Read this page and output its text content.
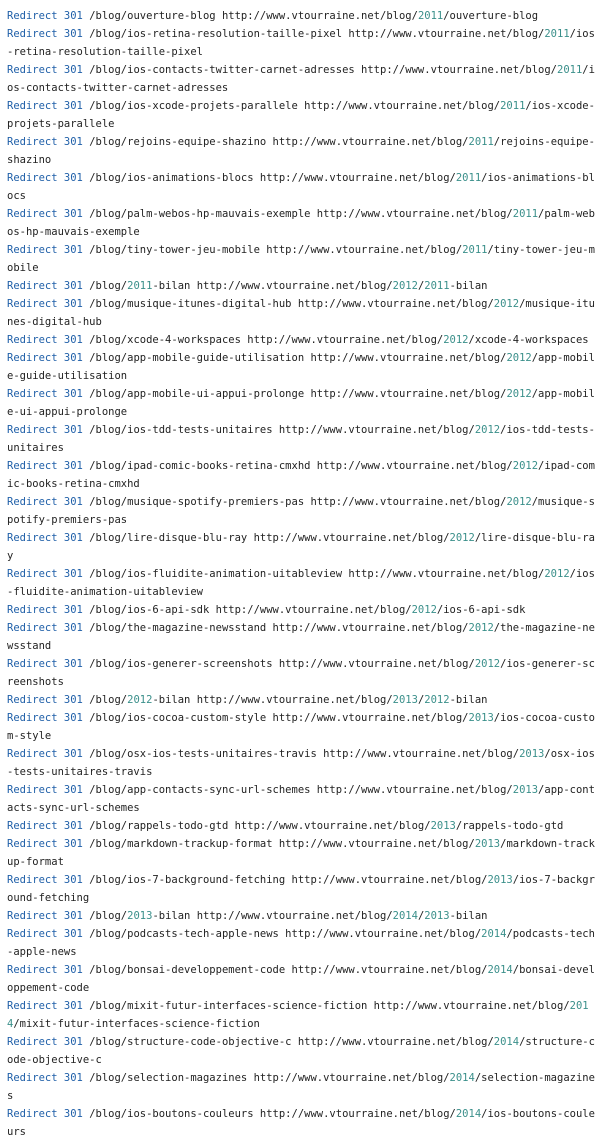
Redirect 301 /blog/ouverture-blog http://www.vtourraine.net/blog/2011/ouverture-blog
Redirect 301 /blog/ios-retina-resolution-taille-pixel http://www.vtourraine.net/blog/2011/ios-retina-resolution-taille-pixel
Redirect 301 /blog/ios-contacts-twitter-carnet-adresses http://www.vtourraine.net/blog/2011/ios-contacts-twitter-carnet-adresses
Redirect 301 /blog/ios-xcode-projets-parallele http://www.vtourraine.net/blog/2011/ios-xcode-projets-parallele
Redirect 301 /blog/rejoins-equipe-shazino http://www.vtourraine.net/blog/2011/rejoins-equipe-shazino
Redirect 301 /blog/ios-animations-blocs http://www.vtourraine.net/blog/2011/ios-animations-blocs
Redirect 301 /blog/palm-webos-hp-mauvais-exemple http://www.vtourraine.net/blog/2011/palm-webos-hp-mauvais-exemple
Redirect 301 /blog/tiny-tower-jeu-mobile http://www.vtourraine.net/blog/2011/tiny-tower-jeu-mobile
Redirect 301 /blog/2011-bilan http://www.vtourraine.net/blog/2012/2011-bilan
Redirect 301 /blog/musique-itunes-digital-hub http://www.vtourraine.net/blog/2012/musique-itunes-digital-hub
Redirect 301 /blog/xcode-4-workspaces http://www.vtourraine.net/blog/2012/xcode-4-workspaces
Redirect 301 /blog/app-mobile-guide-utilisation http://www.vtourraine.net/blog/2012/app-mobile-guide-utilisation
Redirect 301 /blog/app-mobile-ui-appui-prolonge http://www.vtourraine.net/blog/2012/app-mobile-ui-appui-prolonge
Redirect 301 /blog/ios-tdd-tests-unitaires http://www.vtourraine.net/blog/2012/ios-tdd-tests-unitaires
Redirect 301 /blog/ipad-comic-books-retina-cmxhd http://www.vtourraine.net/blog/2012/ipad-comic-books-retina-cmxhd
Redirect 301 /blog/musique-spotify-premiers-pas http://www.vtourraine.net/blog/2012/musique-spotify-premiers-pas
Redirect 301 /blog/lire-disque-blu-ray http://www.vtourraine.net/blog/2012/lire-disque-blu-ray
Redirect 301 /blog/ios-fluidite-animation-uitableview http://www.vtourraine.net/blog/2012/ios-fluidite-animation-uitableview
Redirect 301 /blog/ios-6-api-sdk http://www.vtourraine.net/blog/2012/ios-6-api-sdk
Redirect 301 /blog/the-magazine-newsstand http://www.vtourraine.net/blog/2012/the-magazine-newsstand
Redirect 301 /blog/ios-generer-screenshots http://www.vtourraine.net/blog/2012/ios-generer-screenshots
Redirect 301 /blog/2012-bilan http://www.vtourraine.net/blog/2013/2012-bilan
Redirect 301 /blog/ios-cocoa-custom-style http://www.vtourraine.net/blog/2013/ios-cocoa-custom-style
Redirect 301 /blog/osx-ios-tests-unitaires-travis http://www.vtourraine.net/blog/2013/osx-ios-tests-unitaires-travis
Redirect 301 /blog/app-contacts-sync-url-schemes http://www.vtourraine.net/blog/2013/app-contacts-sync-url-schemes
Redirect 301 /blog/rappels-todo-gtd http://www.vtourraine.net/blog/2013/rappels-todo-gtd
Redirect 301 /blog/markdown-trackup-format http://www.vtourraine.net/blog/2013/markdown-trackup-format
Redirect 301 /blog/ios-7-background-fetching http://www.vtourraine.net/blog/2013/ios-7-background-fetching
Redirect 301 /blog/2013-bilan http://www.vtourraine.net/blog/2014/2013-bilan
Redirect 301 /blog/podcasts-tech-apple-news http://www.vtourraine.net/blog/2014/podcasts-tech-apple-news
Redirect 301 /blog/bonsai-developpement-code http://www.vtourraine.net/blog/2014/bonsai-developpement-code
Redirect 301 /blog/mixit-futur-interfaces-science-fiction http://www.vtourraine.net/blog/2014/mixit-futur-interfaces-science-fiction
Redirect 301 /blog/structure-code-objective-c http://www.vtourraine.net/blog/2014/structure-code-objective-c
Redirect 301 /blog/selection-magazines http://www.vtourraine.net/blog/2014/selection-magazines
Redirect 301 /blog/ios-boutons-couleurs http://www.vtourraine.net/blog/2014/ios-boutons-couleurs
